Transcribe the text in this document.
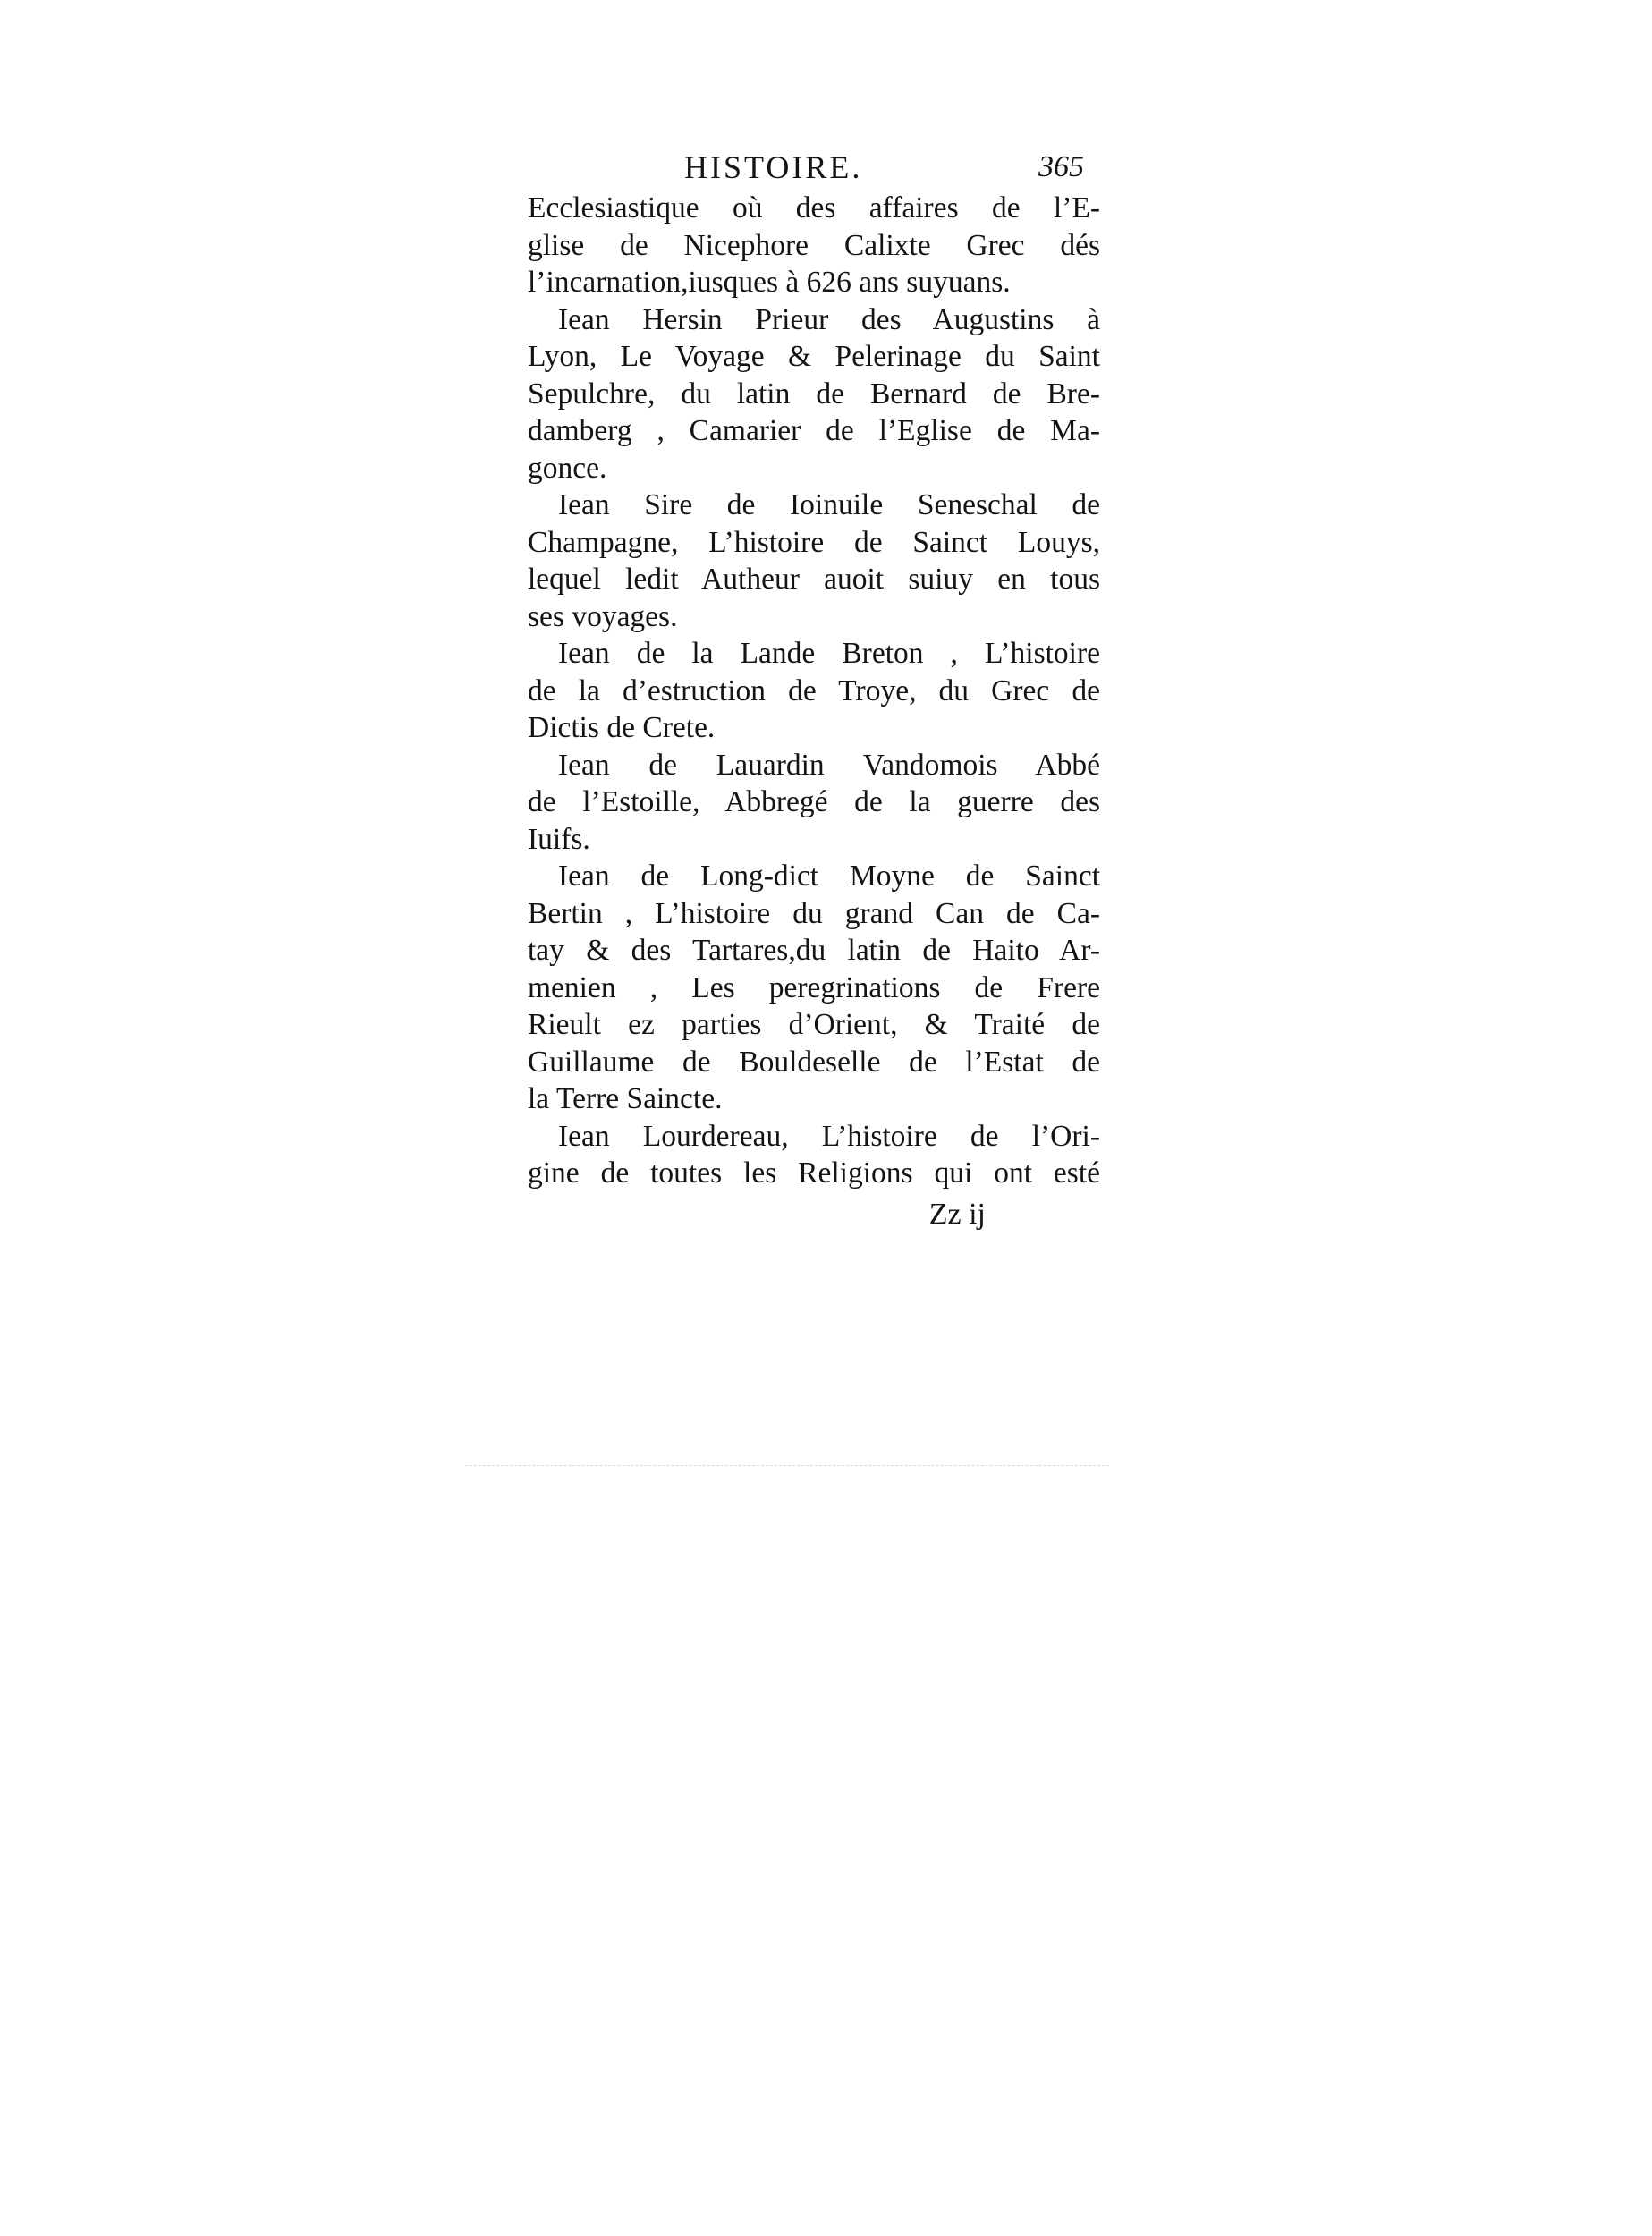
HISTOIRE.	365
Ecclesiastique où des affaires de l’E-
glise de Nicephore Calixte Grec dés
l’incarnation,iusques à 626 ans suyuans.
Iean Hersin Prieur des Augustins à
Lyon, Le Voyage & Pelerinage du Saint
Sepulchre, du latin de Bernard de Bre-
damberg , Camarier de l’Eglise de Ma-
gonce.
Iean Sire de Ioinuile Seneschal de
Champagne, L’histoire de Sainct Louys,
lequel ledit Autheur auoit suiuy en tous
ses voyages.
Iean de la Lande Breton , L’histoire
de la d’estruction de Troye, du Grec de
Dictis de Crete.
Iean de Lauardin Vandomois Abbé
de l’Estoille, Abbregé de la guerre des
Iuifs.
Iean de Long-dict Moyne de Sainct
Bertin , L’histoire du grand Can de Ca-
tay & des Tartares,du latin de Haito Ar-
menien , Les peregrinations de Frere
Rieult ez parties d’Orient, & Traité de
Guillaume de Bouldeselle de l’Estat de
la Terre Saincte.
Iean Lourdereau, L’histoire de l’Ori-
gine de toutes les Religions qui ont esté
Zz ij
